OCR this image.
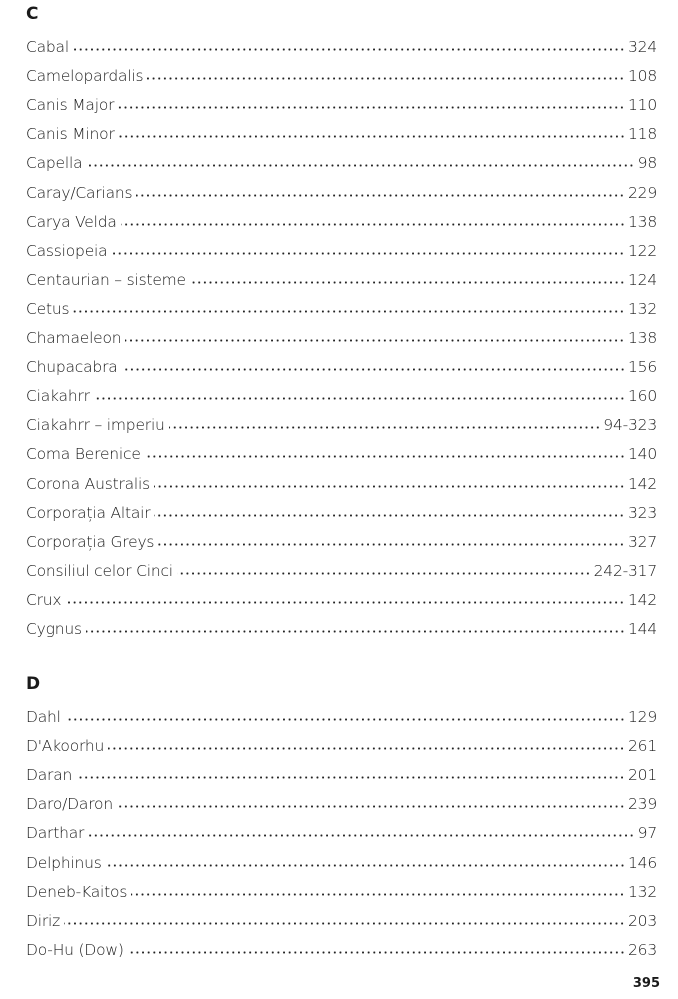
C
Cabal	324
Camelopardalis	108
Canis Major	110
Canis Minor	118
Capella	98
Caray/Carians	229
Carya Velda	138
Cassiopeia	122
Centaurian – sisteme	124
Cetus	132
Chamaeleon	138
Chupacabra	156
Ciakahrr	160
Ciakahrr – imperiu	94-323
Coma Berenice	140
Corona Australis	142
Corporația Altair	323
Corporația Greys	327
Consiliul celor Cinci	242-317
Crux	142
Cygnus	144
D
Dahl	129
D'Akoorhu	261
Daran	201
Daro/Daron	239
Darthar	97
Delphinus	146
Deneb-Kaitos	132
Diriz	203
Do-Hu (Dow)	263
395
